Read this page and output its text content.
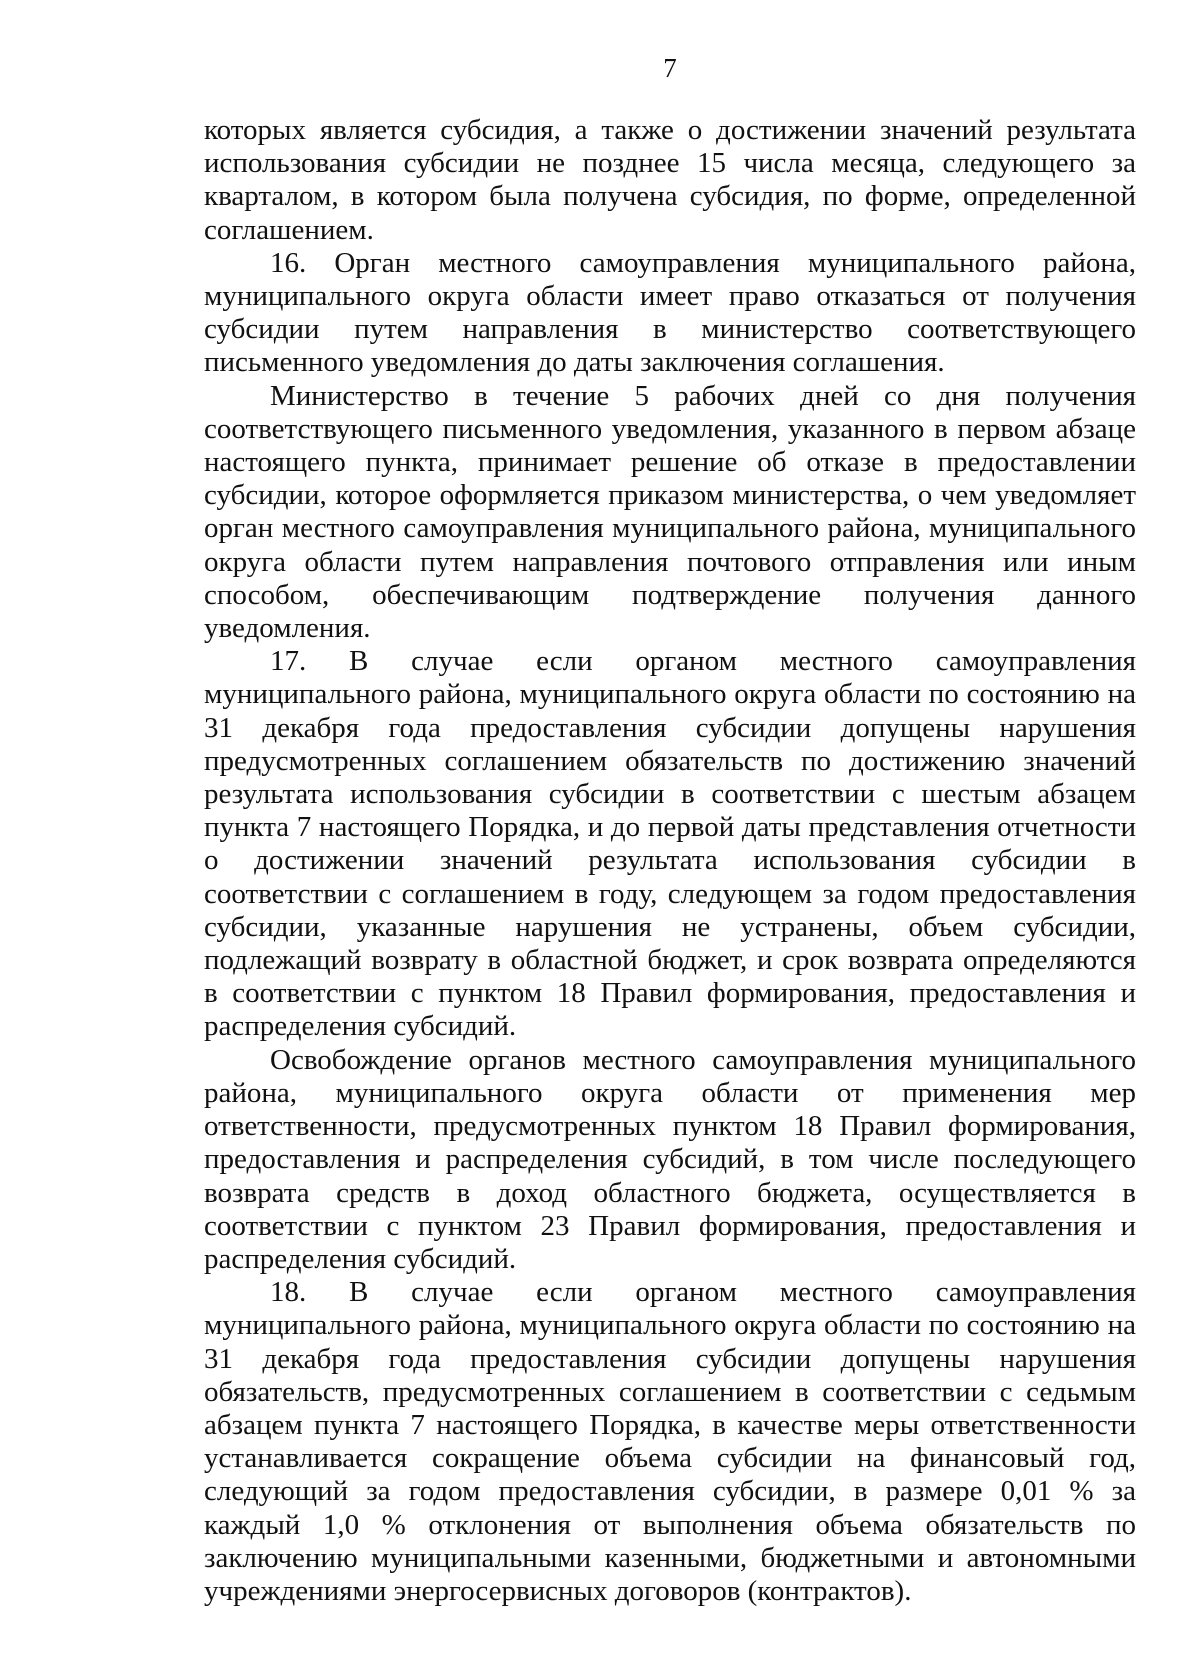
7

которых является субсидия, а также о достижении значений результата использования субсидии не позднее 15 числа месяца, следующего за кварталом, в котором была получена субсидия, по форме, определенной соглашением.

16. Орган местного самоуправления муниципального района, муниципального округа области имеет право отказаться от получения субсидии путем направления в министерство соответствующего письменного уведомления до даты заключения соглашения.

Министерство в течение 5 рабочих дней со дня получения соответствующего письменного уведомления, указанного в первом абзаце настоящего пункта, принимает решение об отказе в предоставлении субсидии, которое оформляется приказом министерства, о чем уведомляет орган местного самоуправления муниципального района, муниципального округа области путем направления почтового отправления или иным способом, обеспечивающим подтверждение получения данного уведомления.

17. В случае если органом местного самоуправления муниципального района, муниципального округа области по состоянию на 31 декабря года предоставления субсидии допущены нарушения предусмотренных соглашением обязательств по достижению значений результата использования субсидии в соответствии с шестым абзацем пункта 7 настоящего Порядка, и до первой даты представления отчетности о достижении значений результата использования субсидии в соответствии с соглашением в году, следующем за годом предоставления субсидии, указанные нарушения не устранены, объем субсидии, подлежащий возврату в областной бюджет, и срок возврата определяются в соответствии с пунктом 18 Правил формирования, предоставления и распределения субсидий.

Освобождение органов местного самоуправления муниципального района, муниципального округа области от применения мер ответственности, предусмотренных пунктом 18 Правил формирования, предоставления и распределения субсидий, в том числе последующего возврата средств в доход областного бюджета, осуществляется в соответствии с пунктом 23 Правил формирования, предоставления и распределения субсидий.

18. В случае если органом местного самоуправления муниципального района, муниципального округа области по состоянию на 31 декабря года предоставления субсидии допущены нарушения обязательств, предусмотренных соглашением в соответствии с седьмым абзацем пункта 7 настоящего Порядка, в качестве меры ответственности устанавливается сокращение объема субсидии на финансовый год, следующий за годом предоставления субсидии, в размере 0,01 % за каждый 1,0 % отклонения от выполнения объема обязательств по заключению муниципальными казенными, бюджетными и автономными учреждениями энергосервисных договоров (контрактов).
